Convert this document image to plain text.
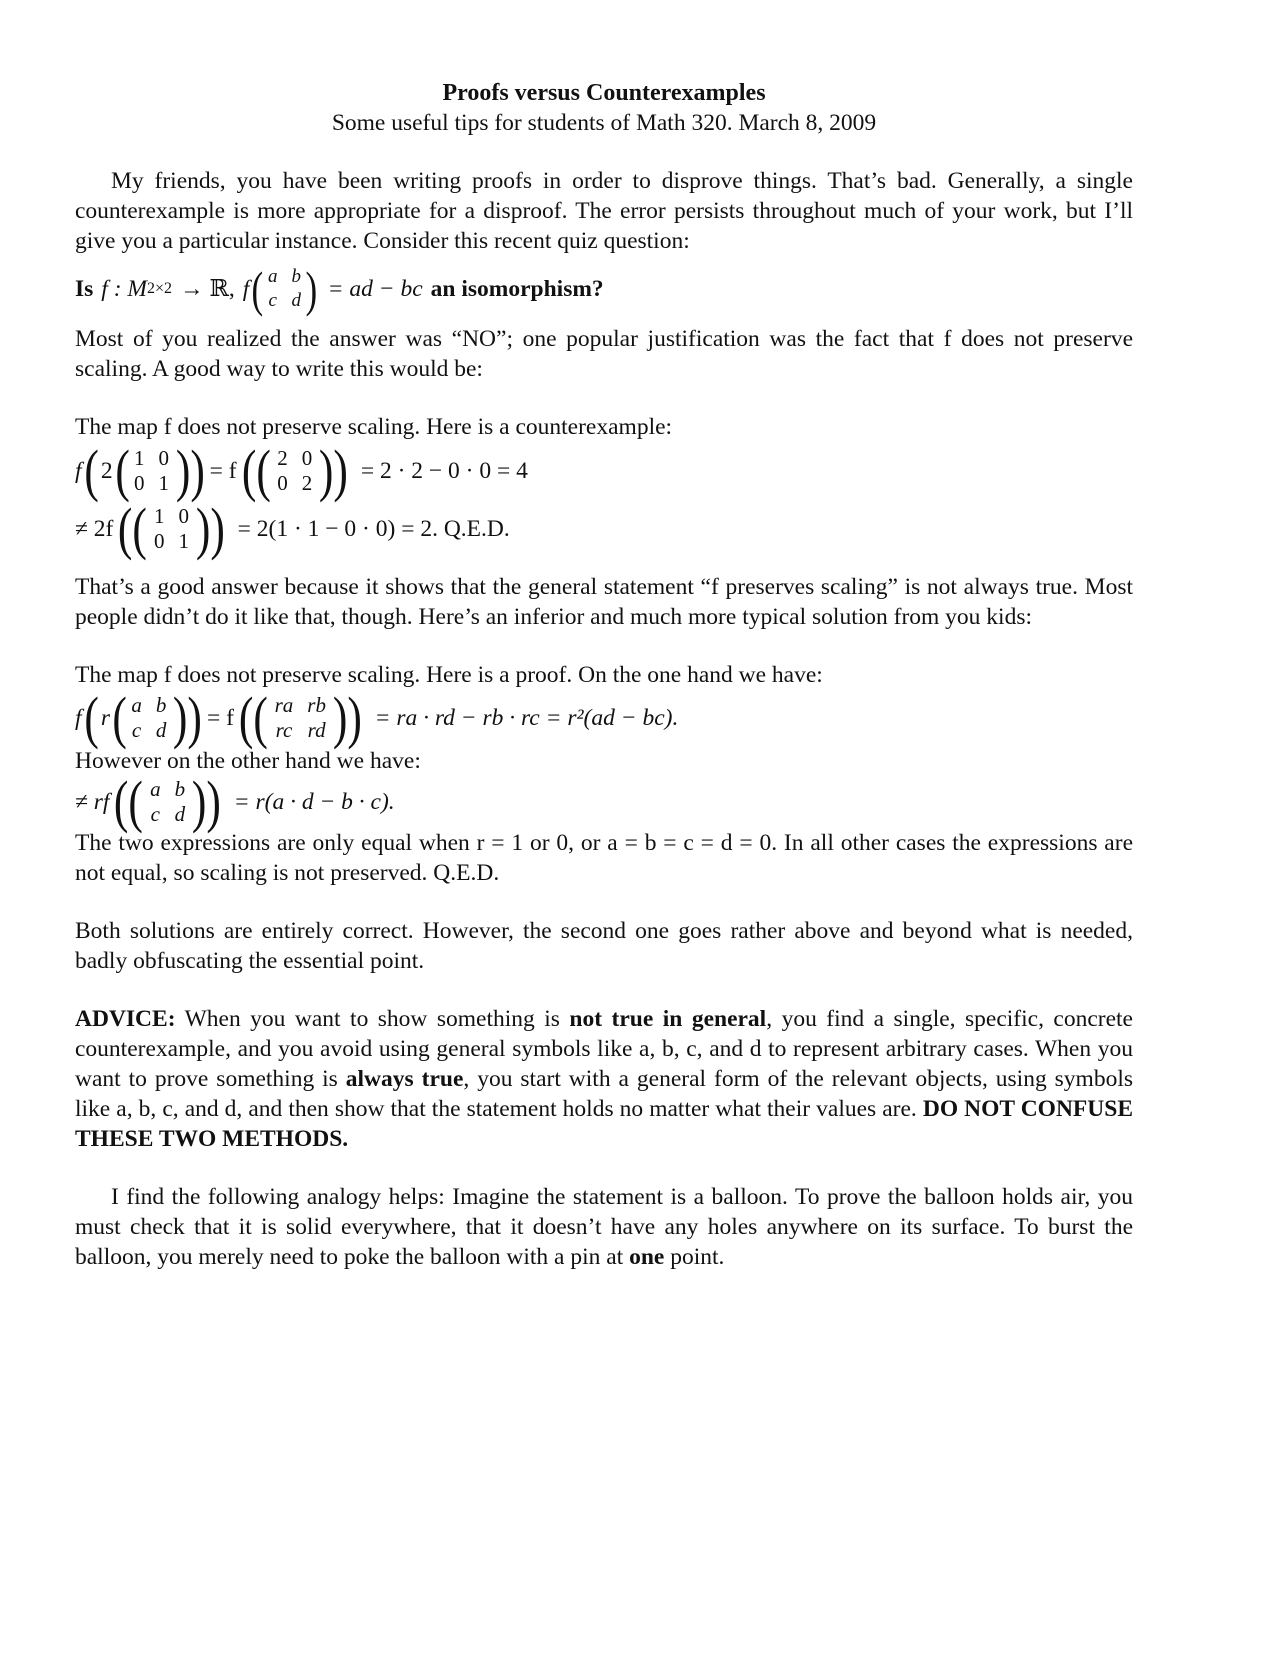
Proofs versus Counterexamples
Some useful tips for students of Math 320. March 8, 2009

My friends, you have been writing proofs in order to disprove things. That’s bad. Generally, a single counterexample is more appropriate for a disproof. The error persists throughout much of your work, but I’ll give you a particular instance. Consider this recent quiz question:

Is f : M 2×2 → ℝ, f ( a b
c d ) = ad − bc an isomorphism?

Most of you realized the answer was “NO”; one popular justification was the fact that f does not preserve scaling. A good way to write this would be:

The map f does not preserve scaling. Here is a counterexample:
f ( 2 ( 1 0
0 1 )) = f (( 2 0
0 2 )) = 2 · 2 − 0 · 0 = 4
≠ 2f (( 1 0
0 1 )) = 2(1 · 1 − 0 · 0) = 2. Q.E.D.

That’s a good answer because it shows that the general statement “f preserves scaling” is not always true. Most people didn’t do it like that, though. Here’s an inferior and much more typical solution from you kids:

The map f does not preserve scaling. Here is a proof. On the one hand we have:
f ( r ( a b
c d )) = f (( ra rb
rc rd )) = ra · rd − rb · rc = r²(ad − bc).
However on the other hand we have:
≠ rf (( a b
c d )) = r(a · d − b · c).

The two expressions are only equal when r = 1 or 0, or a = b = c = d = 0. In all other cases the expressions are not equal, so scaling is not preserved. Q.E.D.

Both solutions are entirely correct. However, the second one goes rather above and beyond what is needed, badly obfuscating the essential point.

ADVICE: When you want to show something is not true in general, you find a single, specific, concrete counterexample, and you avoid using general symbols like a, b, c, and d to represent arbitrary cases. When you want to prove something is always true, you start with a general form of the relevant objects, using symbols like a, b, c, and d, and then show that the statement holds no matter what their values are. DO NOT CONFUSE THESE TWO METHODS.

I find the following analogy helps: Imagine the statement is a balloon. To prove the balloon holds air, you must check that it is solid everywhere, that it doesn’t have any holes anywhere on its surface. To burst the balloon, you merely need to poke the balloon with a pin at one point.
